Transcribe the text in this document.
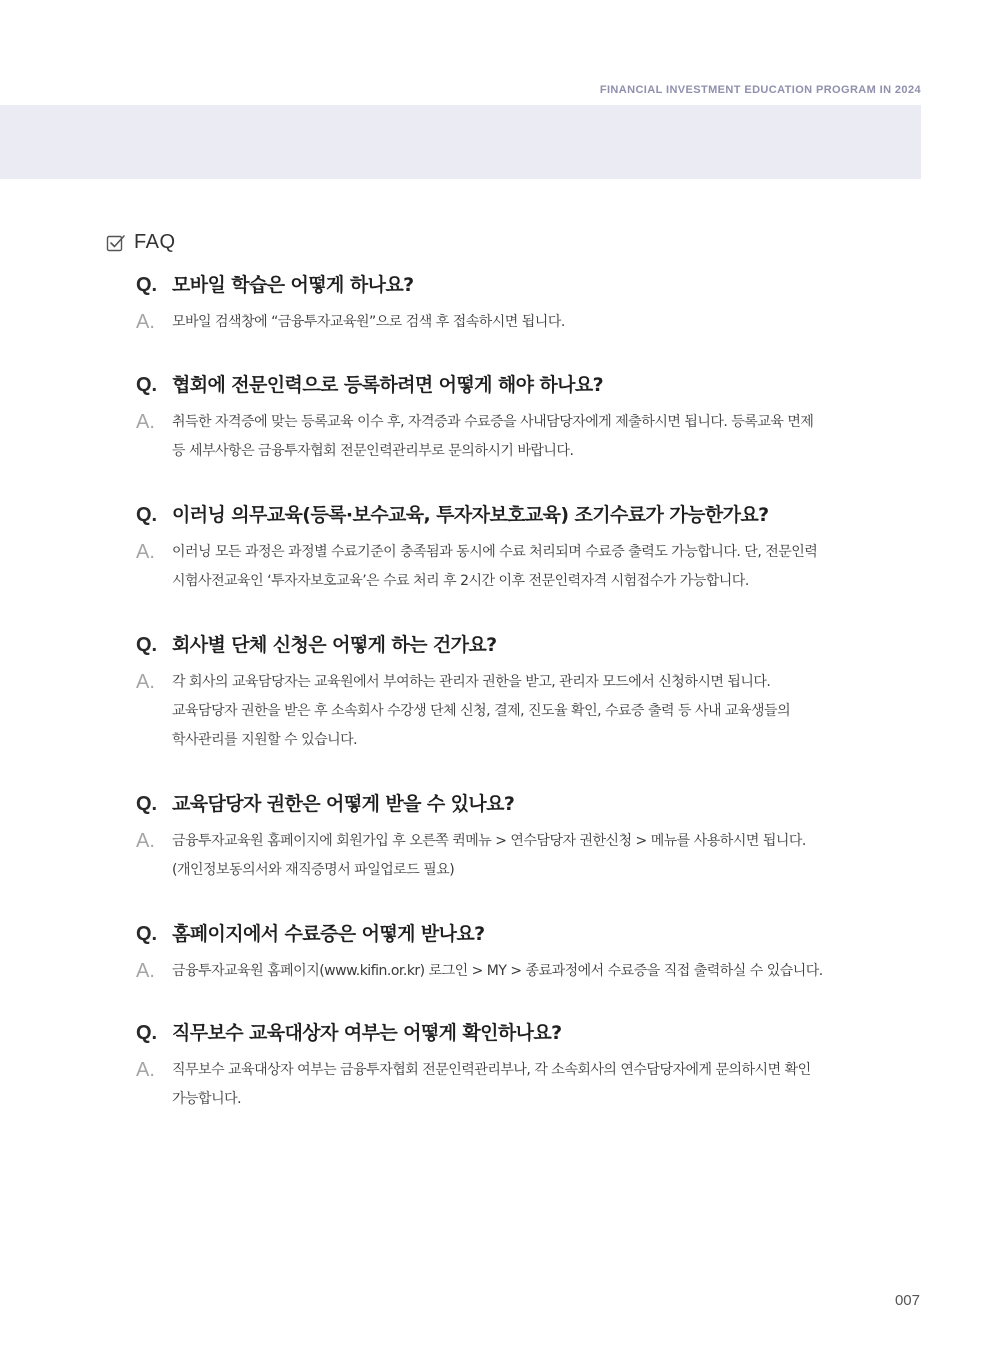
FINANCIAL INVESTMENT EDUCATION PROGRAM IN 2024
FAQ
Q. 모바일 학습은 어떻게 하나요?
A.	모바일 검색창에 “금융투자교육원”으로 검색 후 접속하시면 됩니다.
Q. 협회에 전문인력으로 등록하려면 어떻게 해야 하나요?
A.	취득한 자격증에 맞는 등록교육 이수 후, 자격증과 수료증을 사내담당자에게 제출하시면 됩니다. 등록교육 면제
등 세부사항은 금융투자협회 전문인력관리부로 문의하시기 바랍니다.
Q. 이러닝 의무교육(등록·보수교육, 투자자보호교육) 조기수료가 가능한가요?
A.	이러닝 모든 과정은 과정별 수료기준이 충족됨과 동시에 수료 처리되며 수료증 출력도 가능합니다. 단, 전문인력
시험사전교육인 ‘투자자보호교육’은 수료 처리 후 2시간 이후 전문인력자격 시험접수가 가능합니다.
Q. 회사별 단체 신청은 어떻게 하는 건가요?
A.	각 회사의 교육담당자는 교육원에서 부여하는 관리자 권한을 받고, 관리자 모드에서 신청하시면 됩니다.
교육담당자 권한을 받은 후 소속회사 수강생 단체 신청, 결제, 진도율 확인, 수료증 출력 등 사내 교육생들의
학사관리를 지원할 수 있습니다.
Q. 교육담당자 권한은 어떻게 받을 수 있나요?
A.	금융투자교육원 홈페이지에 회원가입 후 오른쪽 퀵메뉴 > 연수담당자 권한신청 > 메뉴를 사용하시면 됩니다.
(개인정보동의서와 재직증명서 파일업로드 필요)
Q. 홈페이지에서 수료증은 어떻게 받나요?
A.	금융투자교육원 홈페이지(www.kifin.or.kr) 로그인 > MY > 종료과정에서 수료증을 직접 출력하실 수 있습니다.
Q. 직무보수 교육대상자 여부는 어떻게 확인하나요?
A.	직무보수 교육대상자 여부는 금융투자협회 전문인력관리부나, 각 소속회사의 연수담당자에게 문의하시면 확인
가능합니다.
007
